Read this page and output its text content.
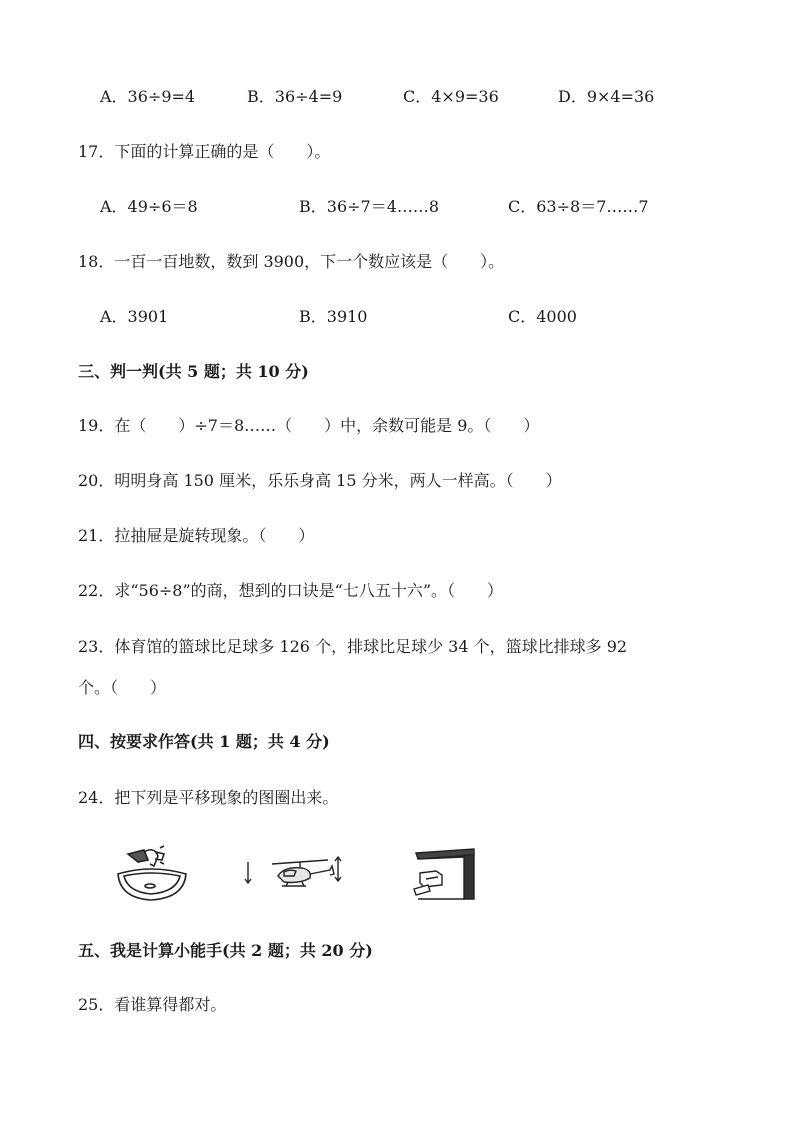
A．36÷9=4	B．36÷4=9	C．4×9=36	D．9×4=36
17．下面的计算正确的是（　　）。
A．49÷6＝8	B．36÷7＝4……8	C．63÷8＝7……7
18．一百一百地数，数到 3900，下一个数应该是（　　）。
A．3901	B．3910	C．4000
三、判一判(共 5 题；共 10 分)
19．在（　　）÷7＝8……（　　）中，余数可能是 9。（　　）
20．明明身高 150 厘米，乐乐身高 15 分米，两人一样高。（　　）
21．拉抽屉是旋转现象。（　　）
22．求“56÷8”的商，想到的口诀是“七八五十六”。（　　）
23．体育馆的篮球比足球多 126 个，排球比足球少 34 个，篮球比排球多 92
个。（　　）
四、按要求作答(共 1 题；共 4 分)
24．把下列是平移现象的图圈出来。
五、我是计算小能手(共 2 题；共 20 分)
25．看谁算得都对。
